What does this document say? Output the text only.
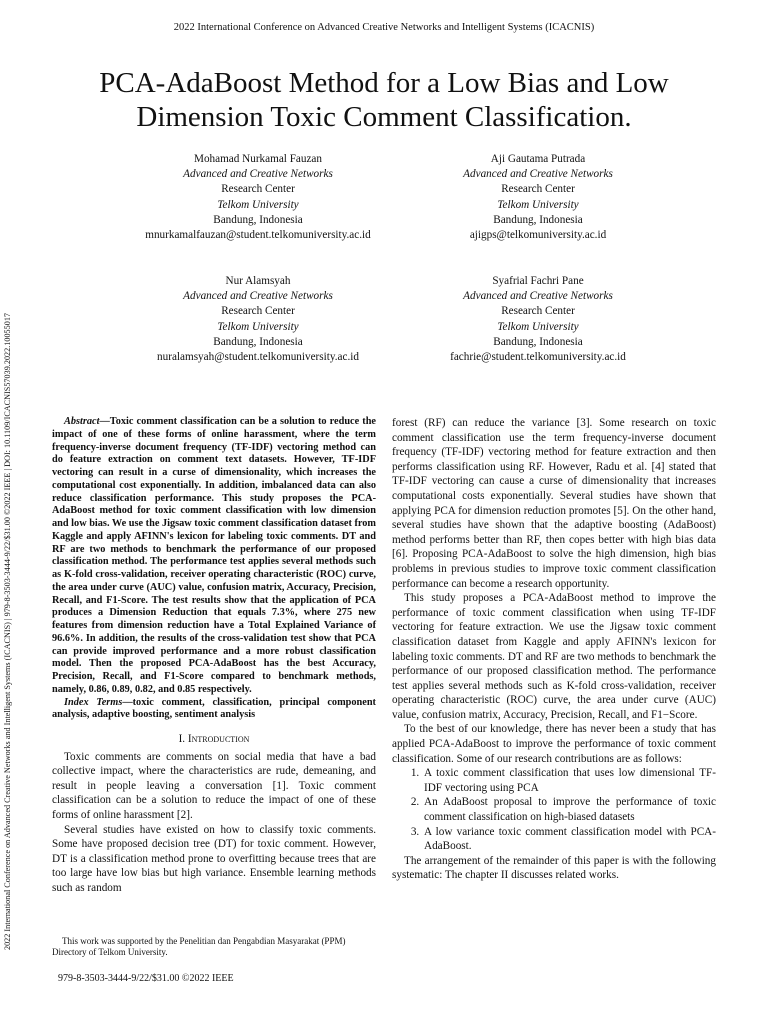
2022 International Conference on Advanced Creative Networks and Intelligent Systems (ICACNIS)
2022 International Conference on Advanced Creative Networks and Intelligent Systems (ICACNIS) | 979-8-3503-3444-9/22/$31.00 ©2022 IEEE | DOI: 10.1109/ICACNIS57039.2022.10055017
PCA-AdaBoost Method for a Low Bias and Low Dimension Toxic Comment Classification.
Mohamad Nurkamal Fauzan
Advanced and Creative Networks
Research Center
Telkom University
Bandung, Indonesia
mnurkamalfauzan@student.telkomuniversity.ac.id
Aji Gautama Putrada
Advanced and Creative Networks
Research Center
Telkom University
Bandung, Indonesia
ajigps@telkomuniversity.ac.id
Nur Alamsyah
Advanced and Creative Networks
Research Center
Telkom University
Bandung, Indonesia
nuralamsyah@student.telkomuniversity.ac.id
Syafrial Fachri Pane
Advanced and Creative Networks
Research Center
Telkom University
Bandung, Indonesia
fachrie@student.telkomuniversity.ac.id

Abstract—Toxic comment classification can be a solution to reduce the impact of one of these forms of online harassment, where the term frequency-inverse document frequency (TF-IDF) vectoring method can do feature extraction on comment text datasets. However, TF-IDF vectoring can result in a curse of dimensionality, which increases the computational cost exponentially. In addition, imbalanced data can also reduce classification performance. This study proposes the PCA-AdaBoost method for toxic comment classification with low dimension and low bias. We use the Jigsaw toxic comment classification dataset from Kaggle and apply AFINN's lexicon for labeling toxic comments. DT and RF are two methods to benchmark the performance of our proposed classification method. The performance test applies several methods such as K-fold cross-validation, receiver operating characteristic (ROC) curve, the area under curve (AUC) value, confusion matrix, Accuracy, Precision, Recall, and F1-Score. The test results show that the application of PCA produces a Dimension Reduction that equals 7.3%, where 275 new features from dimension reduction have a Total Explained Variance of 96.6%. In addition, the results of the cross-validation test show that PCA can provide improved performance and a more robust classification model. Then the proposed PCA-AdaBoost has the best Accuracy, Precision, Recall, and F1-Score compared to benchmark methods, namely, 0.86, 0.89, 0.82, and 0.85 respectively.

Index Terms—toxic comment, classification, principal component analysis, adaptive boosting, sentiment analysis

I. Introduction

Toxic comments are comments on social media that have a bad collective impact, where the characteristics are rude, demeaning, and result in people leaving a conversation [1]. Toxic comment classification can be a solution to reduce the impact of one of these forms of online harassment [2].

Several studies have existed on how to classify toxic comments. Some have proposed decision tree (DT) for toxic comment. However, DT is a classification method prone to overfitting because trees that are too large have low bias but high variance. Ensemble learning methods such as random

forest (RF) can reduce the variance [3]. Some research on toxic comment classification use the term frequency-inverse document frequency (TF-IDF) vectoring method for feature extraction and then performs classification using RF. However, Radu et al. [4] stated that TF-IDF vectoring can cause a curse of dimensionality that increases computational costs exponentially. Several studies have shown that applying PCA for dimension reduction promotes [5]. On the other hand, several studies have shown that the adaptive boosting (AdaBoost) method performs better than RF, then copes better with high bias data [6]. Proposing PCA-AdaBoost to solve the high dimension, high bias problems in previous studies to improve toxic comment classification performance can become a research opportunity.

This study proposes a PCA-AdaBoost method to improve the performance of toxic comment classification when using TF-IDF vectoring for feature extraction. We use the Jigsaw toxic comment classification dataset from Kaggle and apply AFINN's lexicon for labeling toxic comments. DT and RF are two methods to benchmark the performance of our proposed classification method. The performance test applies several methods such as K-fold cross-validation, receiver operating characteristic (ROC) curve, the area under curve (AUC) value, confusion matrix, Accuracy, Precision, Recall, and F1−Score.

To the best of our knowledge, there has never been a study that has applied PCA-AdaBoost to improve the performance of toxic comment classification. Some of our research contributions are as follows:

1. A toxic comment classification that uses low dimensional TF-IDF vectoring using PCA
2. An AdaBoost proposal to improve the performance of toxic comment classification on high-biased datasets
3. A low variance toxic comment classification model with PCA-AdaBoost.

The arrangement of the remainder of this paper is with the following systematic: The chapter II discusses related works.

This work was supported by the Penelitian dan Pengabdian Masyarakat (PPM) Directory of Telkom University.
979-8-3503-3444-9/22/$31.00 ©2022 IEEE
